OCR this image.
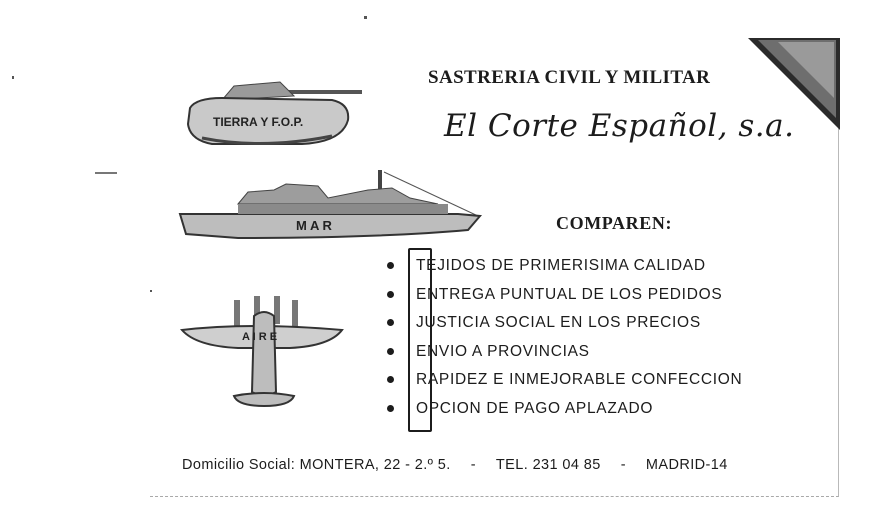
SASTRERIA CIVIL Y MILITAR
El Corte Español, s.a.
TIERRA Y F.O.P.
M A R
A I R E
COMPAREN:
TEJIDOS DE PRIMERISIMA CALIDAD
ENTREGA PUNTUAL DE LOS PEDIDOS
JUSTICIA SOCIAL EN LOS PRECIOS
ENVIO A PROVINCIAS
RAPIDEZ E INMEJORABLE CONFECCION
OPCION DE PAGO APLAZADO
Domicilio Social: MONTERA, 22 - 2.º 5. - TEL. 231 04 85 - MADRID-14
